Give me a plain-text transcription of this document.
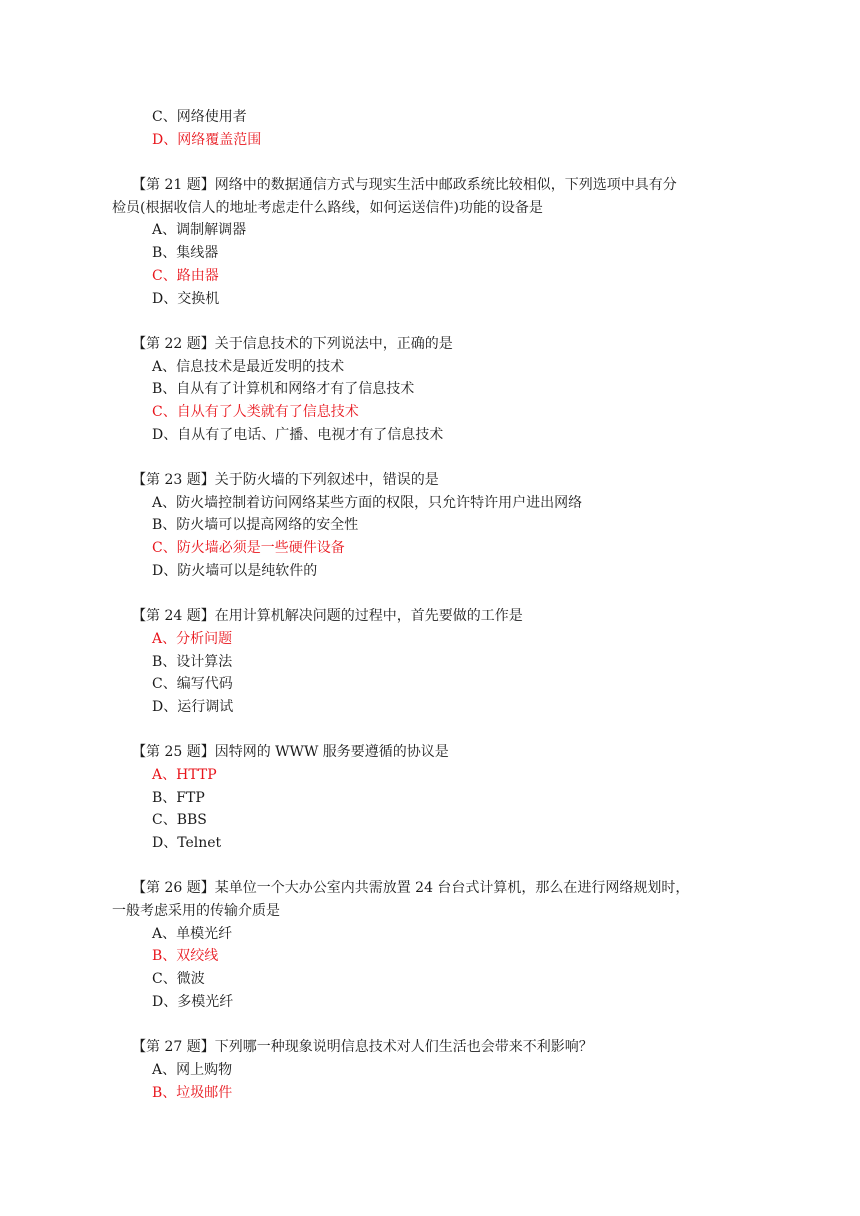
C、网络使用者
D、网络覆盖范围
【第 21 题】网络中的数据通信方式与现实生活中邮政系统比较相似，下列选项中具有分
检员(根据收信人的地址考虑走什么路线，如何运送信件)功能的设备是
A、调制解调器
B、集线器
C、路由器
D、交换机
【第 22 题】关于信息技术的下列说法中，正确的是
A、信息技术是最近发明的技术
B、自从有了计算机和网络才有了信息技术
C、自从有了人类就有了信息技术
D、自从有了电话、广播、电视才有了信息技术
【第 23 题】关于防火墙的下列叙述中，错误的是
A、防火墙控制着访问网络某些方面的权限，只允许特许用户进出网络
B、防火墙可以提高网络的安全性
C、防火墙必须是一些硬件设备
D、防火墙可以是纯软件的
【第 24 题】在用计算机解决问题的过程中，首先要做的工作是
A、分析问题
B、设计算法
C、编写代码
D、运行调试
【第 25 题】因特网的 WWW 服务要遵循的协议是
A、HTTP
B、FTP
C、BBS
D、Telnet
【第 26 题】某单位一个大办公室内共需放置 24 台台式计算机，那么在进行网络规划时，
一般考虑采用的传输介质是
A、单模光纤
B、双绞线
C、微波
D、多模光纤
【第 27 题】下列哪一种现象说明信息技术对人们生活也会带来不利影响？
A、网上购物
B、垃圾邮件
